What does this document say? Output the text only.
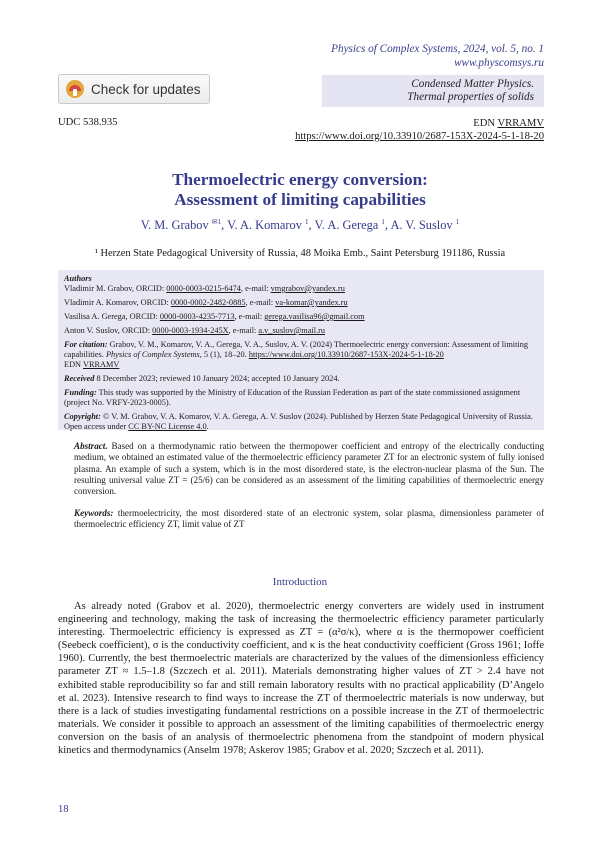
Physics of Complex Systems, 2024, vol. 5, no. 1
www.physcomsys.ru
Check for updates	Condensed Matter Physics.
Thermal properties of solids
UDC 538.935	EDN VRRAMV
https://www.doi.org/10.33910/2687-153X-2024-5-1-18-20
Thermoelectric energy conversion:
Assessment of limiting capabilities
V. M. Grabov $^{✉1}$, V. A. Komarov $^1$, V. A. Gerega $^1$, A. V. Suslov $^1$
¹ Herzen State Pedagogical University of Russia, 48 Moika Emb., Saint Petersburg 191186, Russia

Authors

Vladimir M. Grabov, ORCID: 0000-0003-0215-6474, e-mail: vmgrabov@yandex.ru

Vladimir A. Komarov, ORCID: 0000-0002-2482-0885, e-mail: va-komar@yandex.ru

Vasilisa A. Gerega, ORCID: 0000-0003-4235-7713, e-mail: gerega.vasilisa96@gmail.com

Anton V. Suslov, ORCID: 0000-0003-1934-245X, e-mail: a.v_suslov@mail.ru

For citation: Grabov, V. M., Komarov, V. A., Gerega, V. A., Suslov, A. V. (2024) Thermoelectric energy conversion: Assessment of limiting capabilities. Physics of Complex Systems, 5 (1), 18–20. https://www.doi.org/10.33910/2687-153X-2024-5-1-18-20
EDN VRRAMV

Received 8 December 2023; reviewed 10 January 2024; accepted 10 January 2024.

Funding: This study was supported by the Ministry of Education of the Russian Federation as part of the state commissioned assignment (project No. VRFY-2023-0005).

Copyright: © V. M. Grabov, V. A. Komarov, V. A. Gerega, A. V. Suslov (2024). Published by Herzen State Pedagogical University of Russia. Open access under CC BY-NC License 4.0.

Abstract. Based on a thermodynamic ratio between the thermopower coefficient and entropy of the electrically conducting medium, we obtained an estimated value of the thermoelectric efficiency parameter ZT for an electronic system of fully ionised plasma. An example of such a system, which is in the most disordered state, is the electron-nuclear plasma of the Sun. The resulting universal value ZT = (25/6) can be considered as an assessment of the limiting capabilities of thermoelectric energy conversion.
Keywords: thermoelectricity, the most disordered state of an electronic system, solar plasma, dimensionless parameter of thermoelectric efficiency ZT, limit value of ZT
Introduction
As already noted (Grabov et al. 2020), thermoelectric energy converters are widely used in instrument engineering and technology, making the task of increasing the thermoelectric efficiency parameter particularly interesting. Thermoelectric efficiency is expressed as ZT = (α²σ/κ), where α is the thermopower coefficient (Seebeck coefficient), σ is the conductivity coefficient, and κ is the heat conductivity coefficient (Gross 1961; Ioffe 1960). Currently, the best thermoelectric materials are characterized by the values of the dimensionless efficiency parameter ZT ≈ 1.5–1.8 (Szczech et al. 2011). Materials demonstrating higher values of ZT > 2.4 have not exhibited stable reproducibility so far and still remain laboratory results with no practical applicability (D’Angelo et al. 2023). Intensive research to find ways to increase the ZT of thermoelectric materials is now underway, but there is a lack of studies investigating fundamental restrictions on a possible increase in the ZT of thermoelectric materials. We consider it possible to approach an assessment of the limiting capabilities of thermoelectric energy conversion on the basis of an analysis of thermoelectric phenomena from the standpoint of modern physical kinetics and thermodynamics (Anselm 1978; Askerov 1985; Grabov et al. 2020; Szczech et al. 2011).
18
